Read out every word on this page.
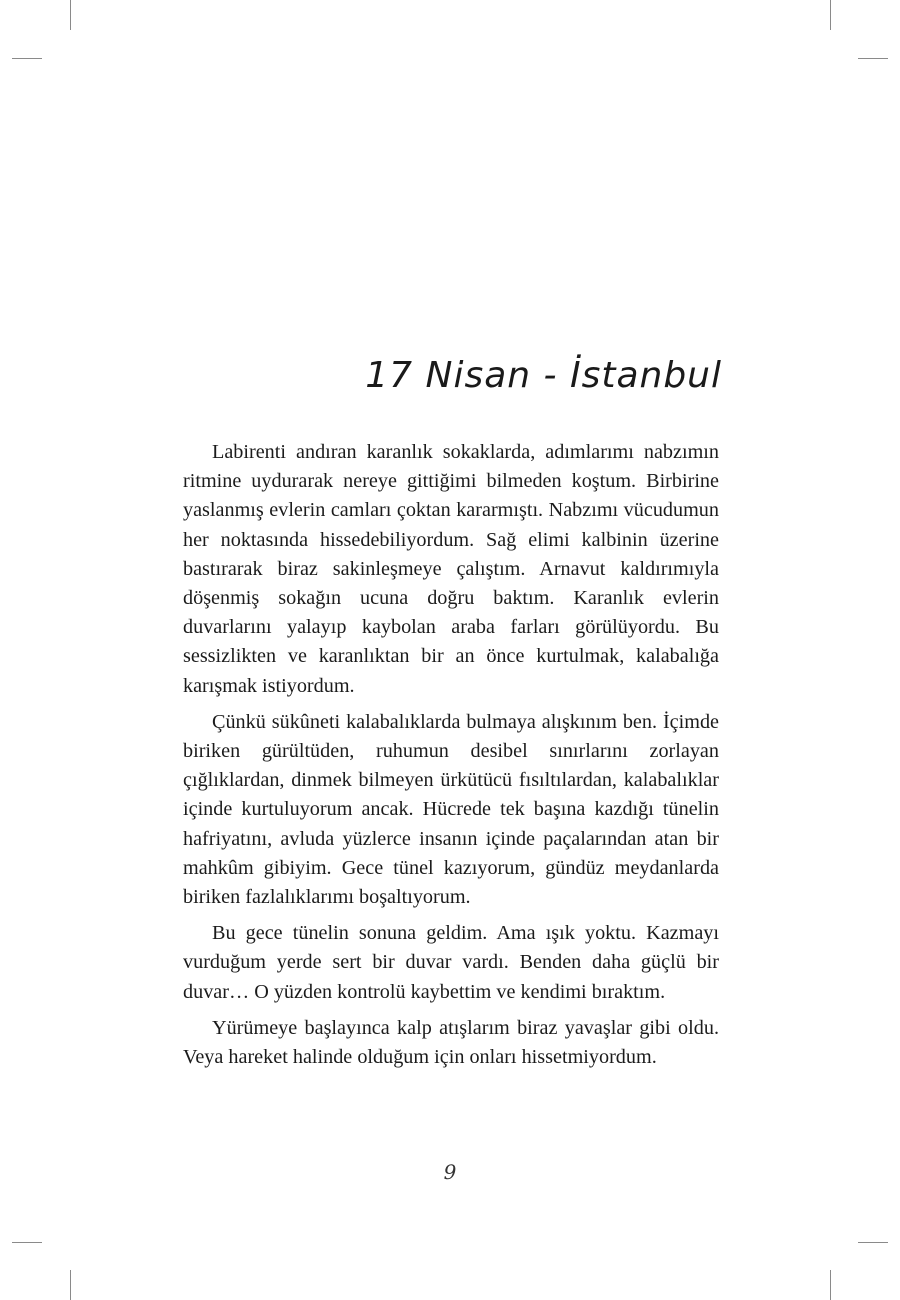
17 Nisan - İstanbul

Labirenti andıran karanlık sokaklarda, adımlarımı nabzımın ritmine uydurarak nereye gittiğimi bilmeden koştum. Birbirine yaslanmış evlerin camları çoktan kararmıştı. Nabzımı vücudumun her noktasında hissedebiliyordum. Sağ elimi kalbinin üzerine bastırarak biraz sakinleşmeye çalıştım. Arnavut kaldırımıyla döşenmiş sokağın ucuna doğru baktım. Karanlık evlerin duvarlarını yalayıp kaybolan araba farları görülüyordu. Bu sessizlikten ve karanlıktan bir an önce kurtulmak, kalabalığa karışmak istiyordum.

Çünkü sükûneti kalabalıklarda bulmaya alışkınım ben. İçimde biriken gürültüden, ruhumun desibel sınırlarını zorlayan çığlıklardan, dinmek bilmeyen ürkütücü fısıltılardan, kalabalıklar içinde kurtuluyorum ancak. Hücrede tek başına kazdığı tünelin hafriyatını, avluda yüzlerce insanın içinde paçalarından atan bir mahkûm gibiyim. Gece tünel kazıyorum, gündüz meydanlarda biriken fazlalıklarımı boşaltıyorum.

Bu gece tünelin sonuna geldim. Ama ışık yoktu. Kazmayı vurduğum yerde sert bir duvar vardı. Benden daha güçlü bir duvar… O yüzden kontrolü kaybettim ve kendimi bıraktım.

Yürümeye başlayınca kalp atışlarım biraz yavaşlar gibi oldu. Veya hareket halinde olduğum için onları hissetmiyordum.

9
